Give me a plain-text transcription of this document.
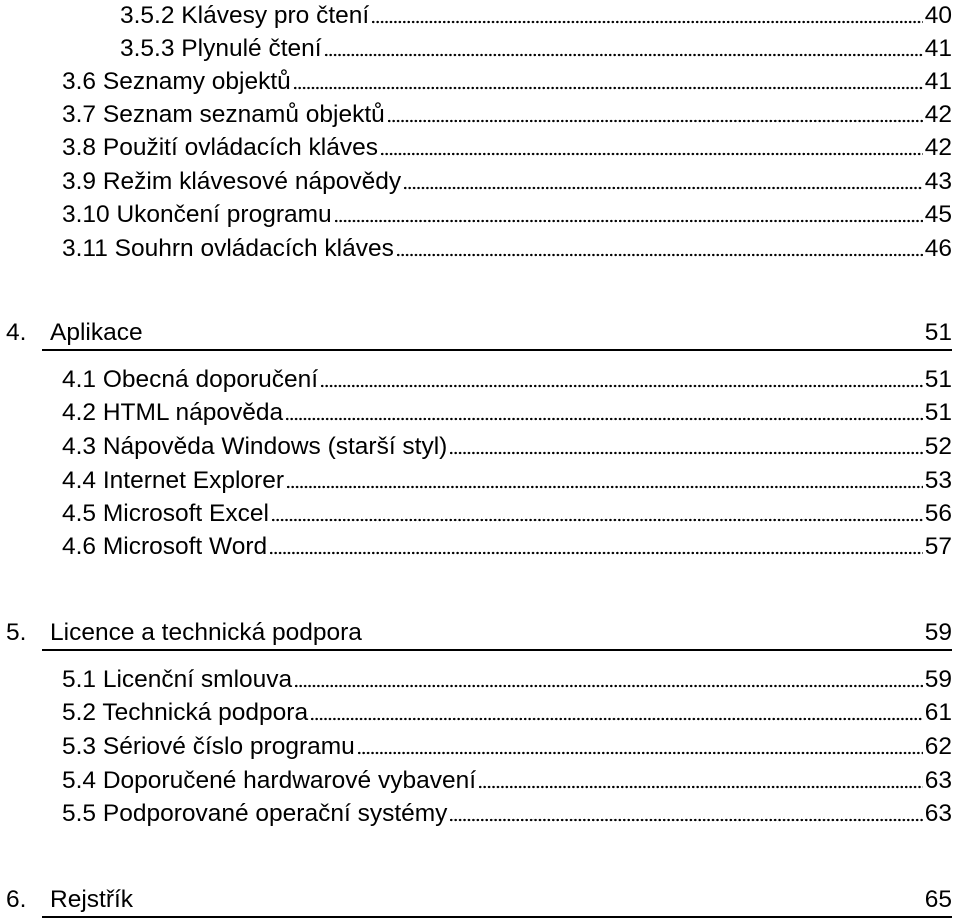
3.5.2 Klávesy pro čtení	40
3.5.3 Plynulé čtení	41
3.6 Seznamy objektů	41
3.7 Seznam seznamů objektů	42
3.8 Použití ovládacích kláves	42
3.9 Režim klávesové nápovědy	43
3.10 Ukončení programu	45
3.11 Souhrn ovládacích kláves	46
4. Aplikace	51
4.1 Obecná doporučení	51
4.2 HTML nápověda	51
4.3 Nápověda Windows (starší styl)	52
4.4 Internet Explorer	53
4.5 Microsoft Excel	56
4.6 Microsoft Word	57
5. Licence a technická podpora	59
5.1 Licenční smlouva	59
5.2 Technická podpora	61
5.3 Sériové číslo programu	62
5.4 Doporučené hardwarové vybavení	63
5.5 Podporované operační systémy	63
6. Rejstřík	65
